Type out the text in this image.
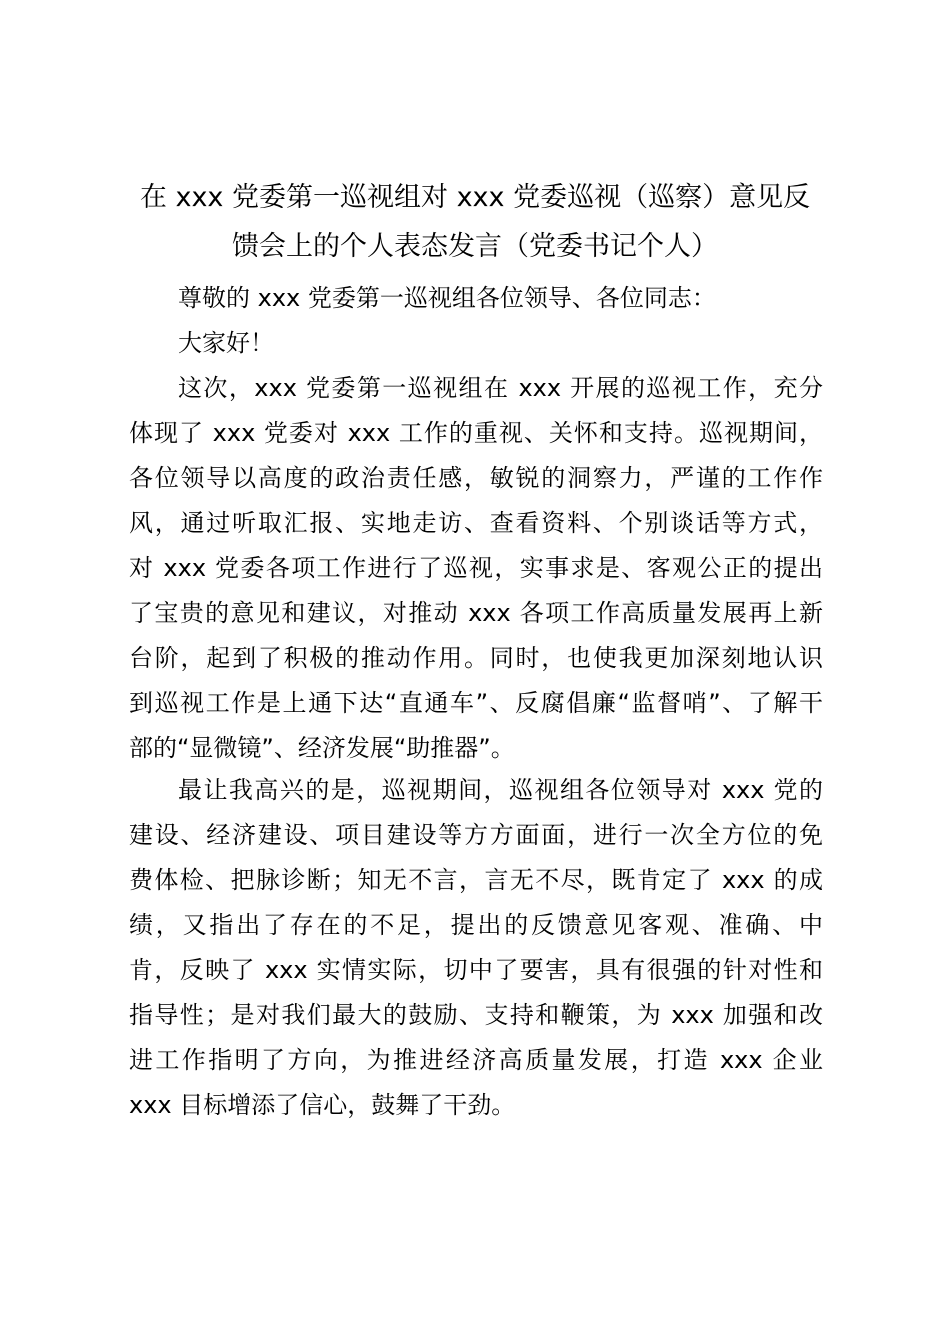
在 xxx 党委第一巡视组对 xxx 党委巡视（巡察）意见反
馈会上的个人表态发言（党委书记个人）
尊敬的 xxx 党委第一巡视组各位领导、各位同志：
大家好！
这次，xxx 党委第一巡视组在 xxx 开展的巡视工作，充分
体现了 xxx 党委对 xxx 工作的重视、关怀和支持。巡视期间，
各位领导以高度的政治责任感，敏锐的洞察力，严谨的工作作
风，通过听取汇报、实地走访、查看资料、个别谈话等方式，
对 xxx 党委各项工作进行了巡视，实事求是、客观公正的提出
了宝贵的意见和建议，对推动 xxx 各项工作高质量发展再上新
台阶，起到了积极的推动作用。同时，也使我更加深刻地认识
到巡视工作是上通下达“直通车”、反腐倡廉“监督哨”、了解干
部的“显微镜”、经济发展“助推器”。
最让我高兴的是，巡视期间，巡视组各位领导对 xxx 党的
建设、经济建设、项目建设等方方面面，进行一次全方位的免
费体检、把脉诊断；知无不言，言无不尽，既肯定了 xxx 的成
绩，又指出了存在的不足，提出的反馈意见客观、准确、中
肯，反映了 xxx 实情实际，切中了要害，具有很强的针对性和
指导性；是对我们最大的鼓励、支持和鞭策，为 xxx 加强和改
进工作指明了方向，为推进经济高质量发展，打造 xxx 企业
xxx 目标增添了信心，鼓舞了干劲。
